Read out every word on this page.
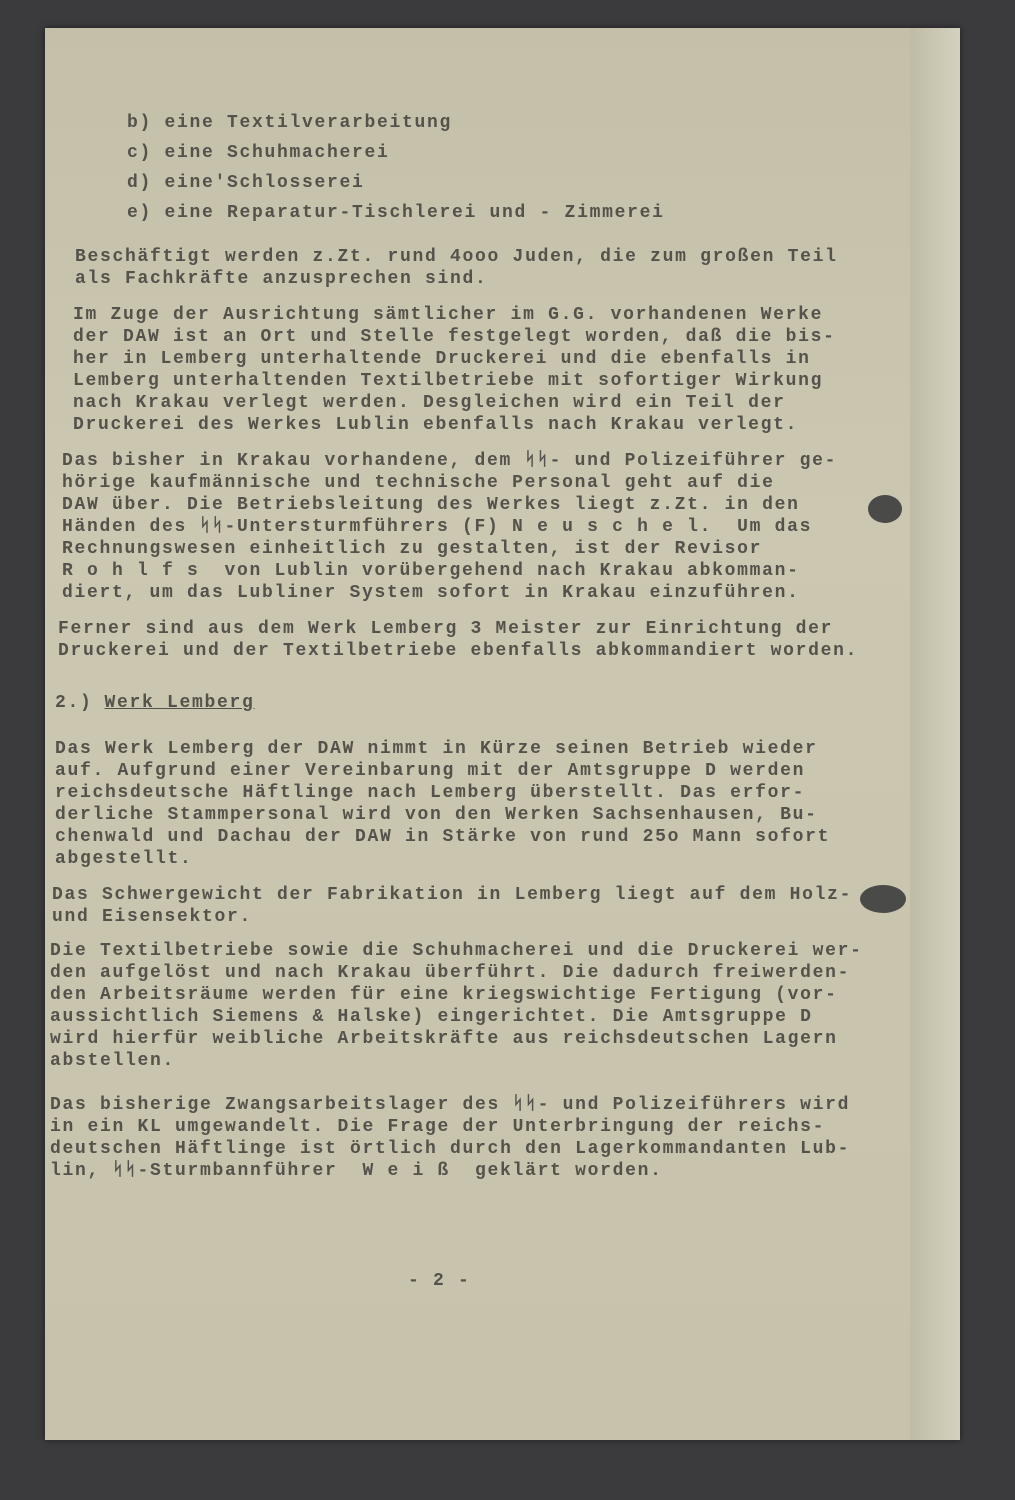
b) eine Textilverarbeitung
c) eine Schuhmacherei
d) eine'Schlosserei
e) eine Reparatur-Tischlerei und - Zimmerei
Beschäftigt werden z.Zt. rund 4ooo Juden, die zum großen Teil
als Fachkräfte anzusprechen sind.
Im Zuge der Ausrichtung sämtlicher im G.G. vorhandenen Werke
der DAW ist an Ort und Stelle festgelegt worden, daß die bis-
her in Lemberg unterhaltende Druckerei und die ebenfalls in
Lemberg unterhaltenden Textilbetriebe mit sofortiger Wirkung
nach Krakau verlegt werden. Desgleichen wird ein Teil der
Druckerei des Werkes Lublin ebenfalls nach Krakau verlegt.
Das bisher in Krakau vorhandene, dem ᛋᛋ- und Polizeiführer ge-
hörige kaufmännische und technische Personal geht auf die
DAW über. Die Betriebsleitung des Werkes liegt z.Zt. in den
Händen des ᛋᛋ-Untersturmführers (F) N e u s c h e l.  Um das
Rechnungswesen einheitlich zu gestalten, ist der Revisor
R o h l f s  von Lublin vorübergehend nach Krakau abkomman-
diert, um das Lubliner System sofort in Krakau einzuführen.
Ferner sind aus dem Werk Lemberg 3 Meister zur Einrichtung der
Druckerei und der Textilbetriebe ebenfalls abkommandiert worden.
2.) Werk Lemberg
Das Werk Lemberg der DAW nimmt in Kürze seinen Betrieb wieder
auf. Aufgrund einer Vereinbarung mit der Amtsgruppe D werden
reichsdeutsche Häftlinge nach Lemberg überstellt. Das erfor-
derliche Stammpersonal wird von den Werken Sachsenhausen, Bu-
chenwald und Dachau der DAW in Stärke von rund 25o Mann sofort
abgestellt.
Das Schwergewicht der Fabrikation in Lemberg liegt auf dem Holz-
und Eisensektor.
Die Textilbetriebe sowie die Schuhmacherei und die Druckerei wer-
den aufgelöst und nach Krakau überführt. Die dadurch freiwerden-
den Arbeitsräume werden für eine kriegswichtige Fertigung (vor-
aussichtlich Siemens & Halske) eingerichtet. Die Amtsgruppe D
wird hierfür weibliche Arbeitskräfte aus reichsdeutschen Lagern
abstellen.
Das bisherige Zwangsarbeitslager des ᛋᛋ- und Polizeiführers wird
in ein KL umgewandelt. Die Frage der Unterbringung der reichs-
deutschen Häftlinge ist örtlich durch den Lagerkommandanten Lub-
lin, ᛋᛋ-Sturmbannführer  W e i ß  geklärt worden.
- 2 -
